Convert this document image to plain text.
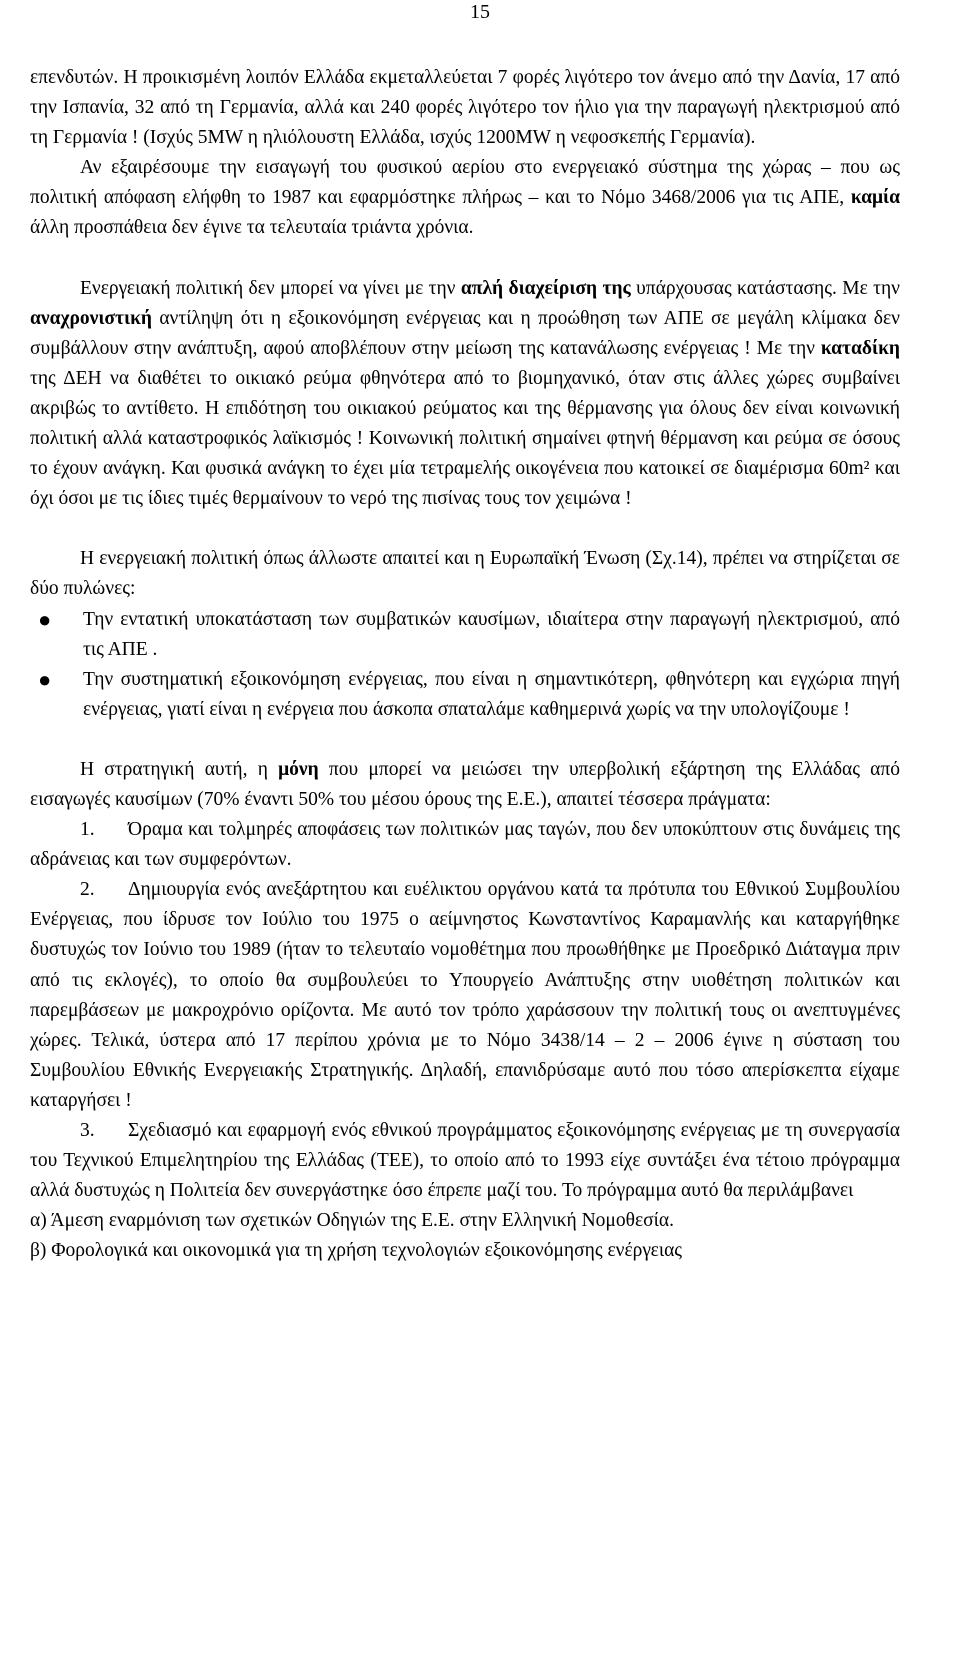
15

επενδυτών. Η προικισμένη λοιπόν Ελλάδα εκμεταλλεύεται 7 φορές λιγότερο τον άνεμο από την Δανία, 17 από την Ισπανία, 32 από τη Γερμανία, αλλά και 240 φορές λιγότερο τον ήλιο για την παραγωγή ηλεκτρισμού από τη Γερμανία ! (Ισχύς 5MW η ηλιόλουστη Ελλάδα, ισχύς 1200MW η νεφοσκεπής Γερμανία).

Αν εξαιρέσουμε την εισαγωγή του φυσικού αερίου στο ενεργειακό σύστημα της χώρας – που ως πολιτική απόφαση ελήφθη το 1987 και εφαρμόστηκε πλήρως – και το Νόμο 3468/2006 για τις ΑΠΕ, καμία άλλη προσπάθεια δεν έγινε τα τελευταία τριάντα χρόνια.

Ενεργειακή πολιτική δεν μπορεί να γίνει με την απλή διαχείριση της υπάρχουσας κατάστασης. Με την αναχρονιστική αντίληψη ότι η εξοικονόμηση ενέργειας και η προώθηση των ΑΠΕ σε μεγάλη κλίμακα δεν συμβάλλουν στην ανάπτυξη, αφού αποβλέπουν στην μείωση της κατανάλωσης ενέργειας ! Με την καταδίκη της ΔΕΗ να διαθέτει το οικιακό ρεύμα φθηνότερα από το βιομηχανικό, όταν στις άλλες χώρες συμβαίνει ακριβώς το αντίθετο. Η επιδότηση του οικιακού ρεύματος και της θέρμανσης για όλους δεν είναι κοινωνική πολιτική αλλά καταστροφικός λαϊκισμός ! Κοινωνική πολιτική σημαίνει φτηνή θέρμανση και ρεύμα σε όσους το έχουν ανάγκη. Και φυσικά ανάγκη το έχει μία τετραμελής οικογένεια που κατοικεί σε διαμέρισμα 60m² και όχι όσοι με τις ίδιες τιμές θερμαίνουν το νερό της πισίνας τους τον χειμώνα !

Η ενεργειακή πολιτική όπως άλλωστε απαιτεί και η Ευρωπαϊκή Ένωση (Σχ.14), πρέπει να στηρίζεται σε δύο πυλώνες:

● Την εντατική υποκατάσταση των συμβατικών καυσίμων, ιδιαίτερα στην παραγωγή ηλεκτρισμού, από τις ΑΠΕ .
● Την συστηματική εξοικονόμηση ενέργειας, που είναι η σημαντικότερη, φθηνότερη και εγχώρια πηγή ενέργειας, γιατί είναι η ενέργεια που άσκοπα σπαταλάμε καθημερινά χωρίς να την υπολογίζουμε !

Η στρατηγική αυτή, η μόνη που μπορεί να μειώσει την υπερβολική εξάρτηση της Ελλάδας από εισαγωγές καυσίμων (70% έναντι 50% του μέσου όρους της Ε.Ε.), απαιτεί τέσσερα πράγματα:

1. Όραμα και τολμηρές αποφάσεις των πολιτικών μας ταγών, που δεν υποκύπτουν στις δυνάμεις της αδράνειας και των συμφερόντων.

2. Δημιουργία ενός ανεξάρτητου και ευέλικτου οργάνου κατά τα πρότυπα του Εθνικού Συμβουλίου Ενέργειας, που ίδρυσε τον Ιούλιο του 1975 ο αείμνηστος Κωνσταντίνος Καραμανλής και καταργήθηκε δυστυχώς τον Ιούνιο του 1989 (ήταν το τελευταίο νομοθέτημα που προωθήθηκε με Προεδρικό Διάταγμα πριν από τις εκλογές), το οποίο θα συμβουλεύει το Υπουργείο Ανάπτυξης στην υιοθέτηση πολιτικών και παρεμβάσεων με μακροχρόνιο ορίζοντα. Με αυτό τον τρόπο χαράσσουν την πολιτική τους οι ανεπτυγμένες χώρες. Τελικά, ύστερα από 17 περίπου χρόνια με το Νόμο 3438/14 – 2 – 2006 έγινε η σύσταση του Συμβουλίου Εθνικής Ενεργειακής Στρατηγικής. Δηλαδή, επανιδρύσαμε αυτό που τόσο απερίσκεπτα είχαμε καταργήσει !

3. Σχεδιασμό και εφαρμογή ενός εθνικού προγράμματος εξοικονόμησης ενέργειας με τη συνεργασία του Τεχνικού Επιμελητηρίου της Ελλάδας (ΤΕΕ), το οποίο από το 1993 είχε συντάξει ένα τέτοιο πρόγραμμα αλλά δυστυχώς η Πολιτεία δεν συνεργάστηκε όσο έπρεπε μαζί του. Το πρόγραμμα αυτό θα περιλάμβανει

α) Άμεση εναρμόνιση των σχετικών Οδηγιών της Ε.Ε. στην Ελληνική Νομοθεσία.

β) Φορολογικά και οικονομικά για τη χρήση τεχνολογιών εξοικονόμησης ενέργειας
